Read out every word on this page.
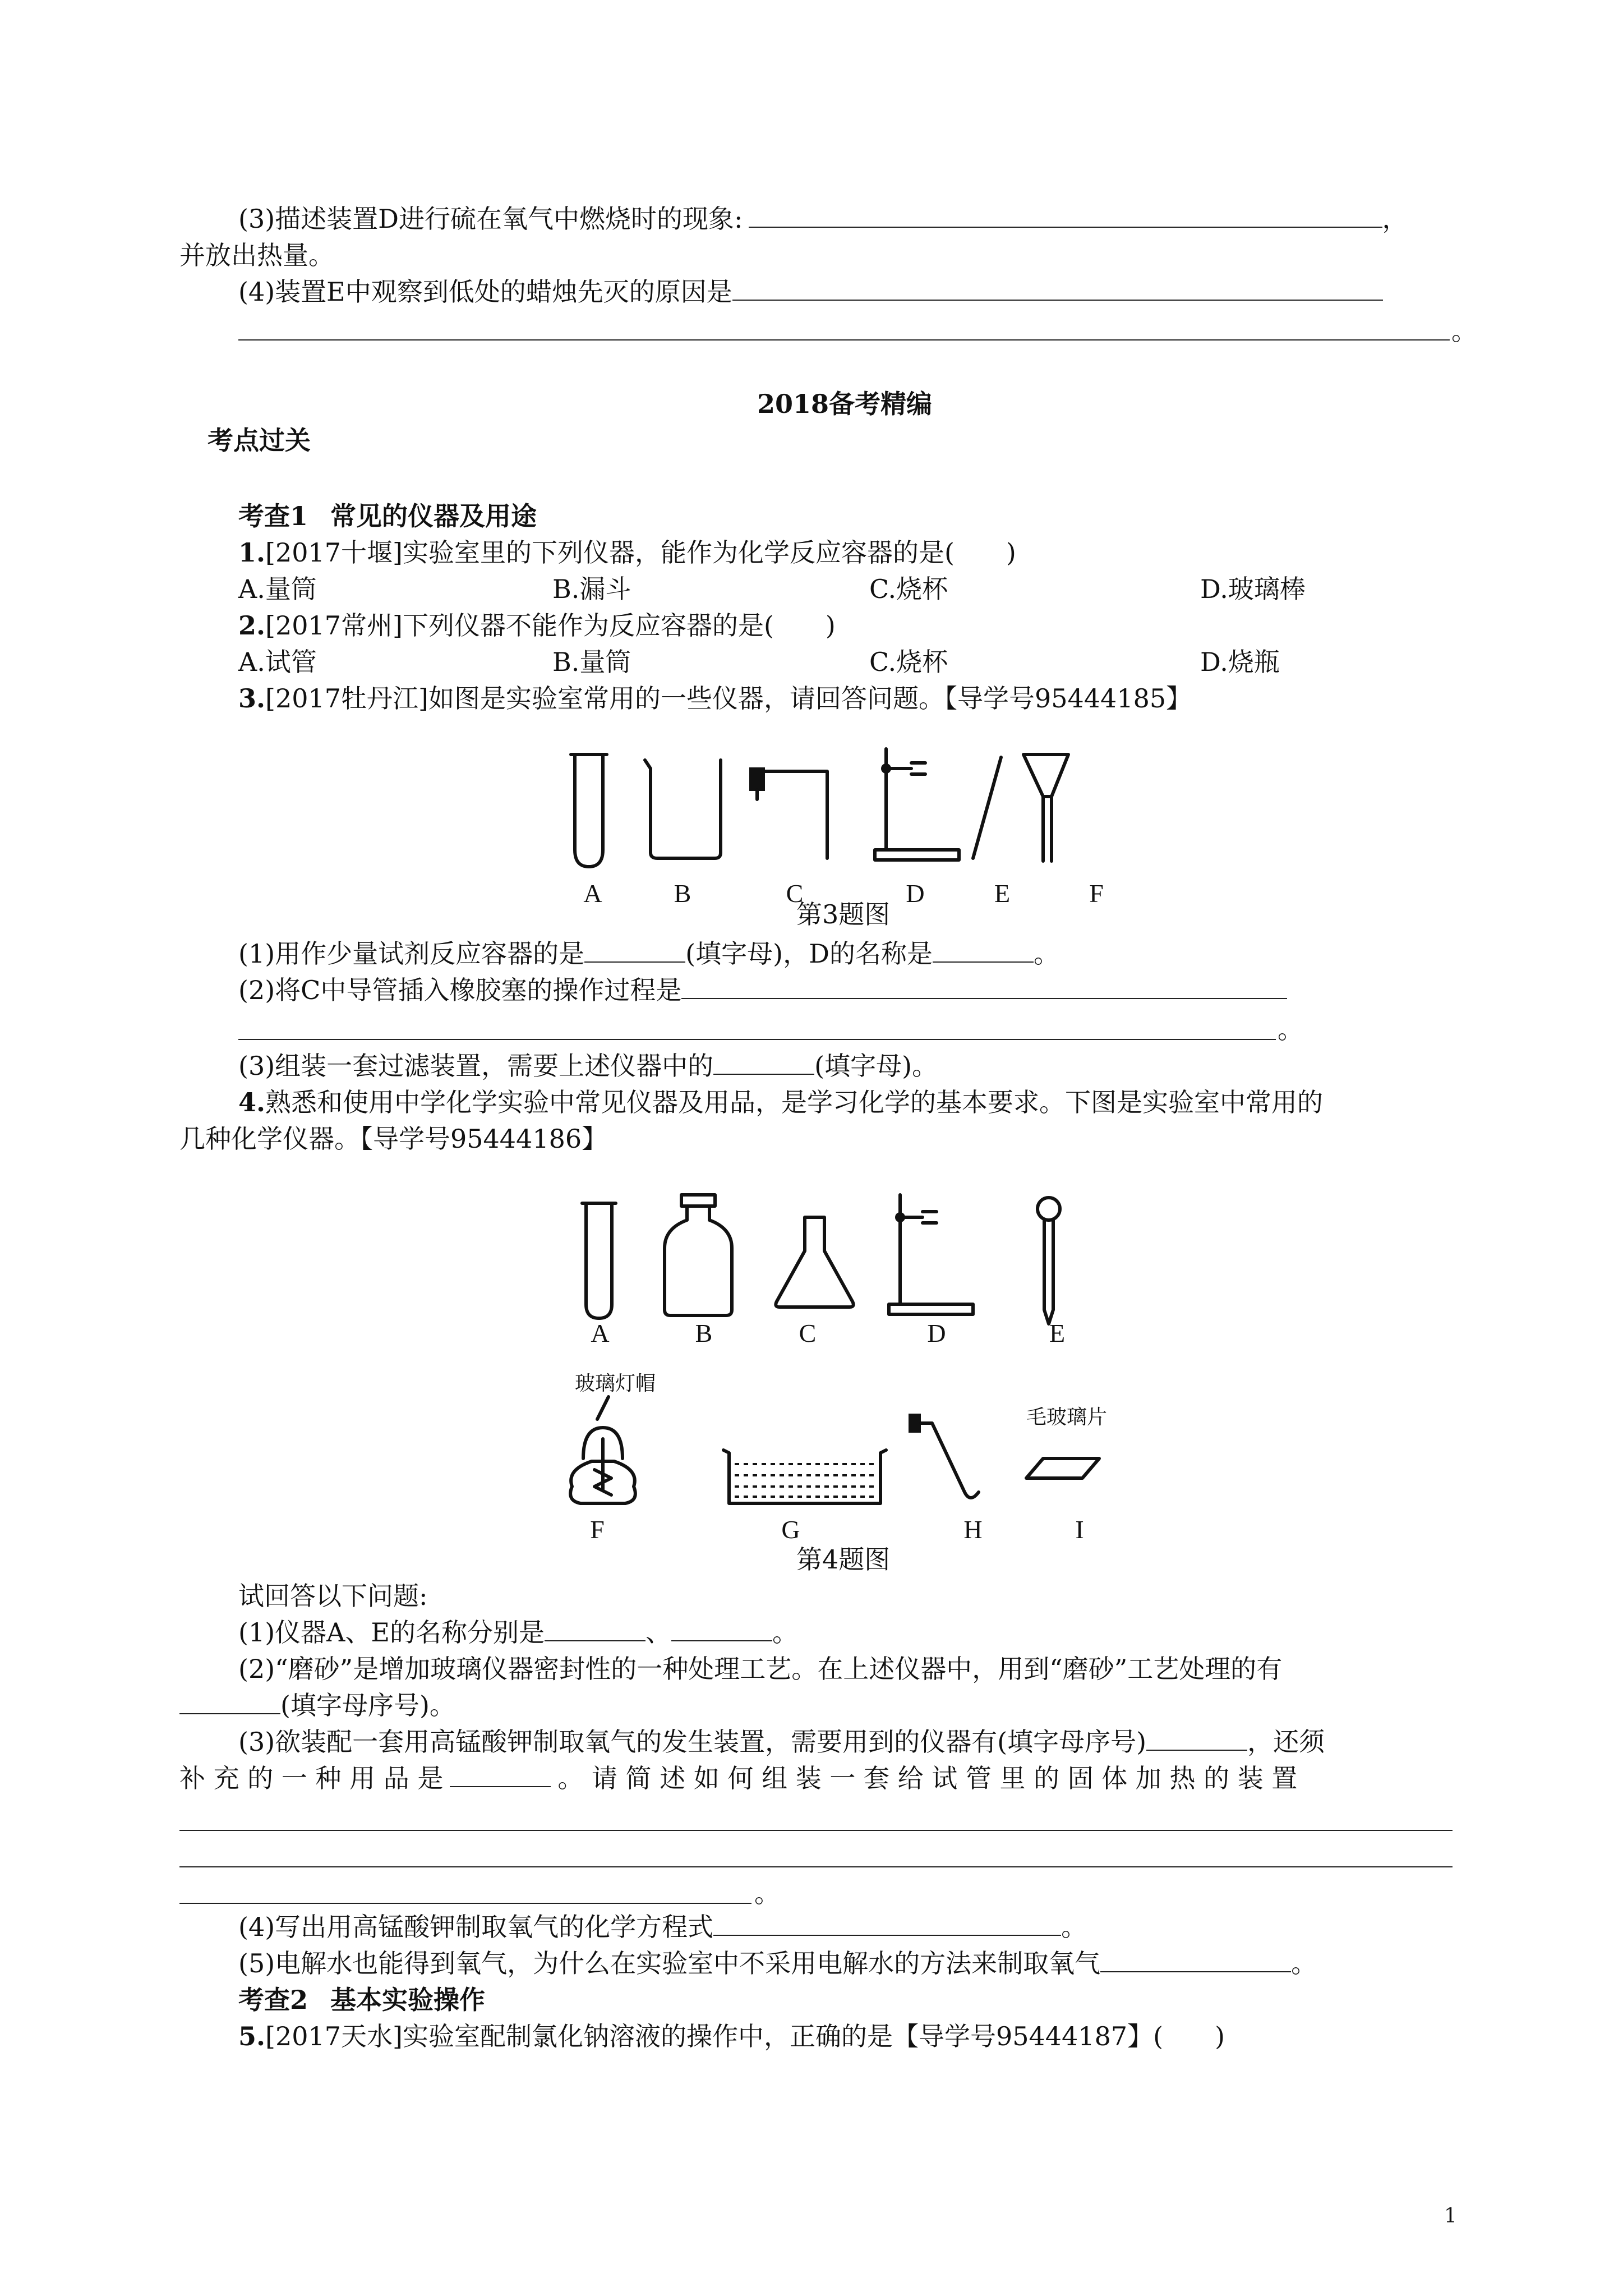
(3)描述装置D进行硫在氧气中燃烧时的现象:	，
并放出热量。
(4)装置E中观察到低处的蜡烛先灭的原因是
。
2018备考精编
考点过关
考查1 常见的仪器及用途
1.[2017十堰]实验室里的下列仪器，能作为化学反应容器的是(　　)
A.量筒	B.漏斗	C.烧杯	D.玻璃棒
2.[2017常州]下列仪器不能作为反应容器的是(　　)
A.试管	B.量筒	C.烧杯	D.烧瓶
3.[2017牡丹江]如图是实验室常用的一些仪器，请回答问题。【导学号95444185】
A	B	C	D	E	F
第3题图
(1)用作少量试剂反应容器的是	(填字母)，D的名称是	。
(2)将C中导管插入橡胶塞的操作过程是
。
(3)组装一套过滤装置，需要上述仪器中的	(填字母)。
4.熟悉和使用中学化学实验中常见仪器及用品，是学习化学的基本要求。下图是实验室中常用的
几种化学仪器。【导学号95444186】
A	B	C	D	E
玻璃灯帽
毛玻璃片
F	G	H	I
第4题图
试回答以下问题:
(1)仪器A、E的名称分别是	、	。
(2)“磨砂”是增加玻璃仪器密封性的一种处理工艺。在上述仪器中，用到“磨砂”工艺处理的有
(填字母序号)。
(3)欲装配一套用高锰酸钾制取氧气的发生装置，需要用到的仪器有(填字母序号)	，还须
补 充 的 一 种 用 品 是	。 请 简 述 如 何 组 装 一 套 给 试 管 里 的 固 体 加 热 的 装 置
。
(4)写出用高锰酸钾制取氧气的化学方程式	。
(5)电解水也能得到氧气，为什么在实验室中不采用电解水的方法来制取氧气	。
考查2 基本实验操作
5.[2017天水]实验室配制氯化钠溶液的操作中，正确的是【导学号95444187】(　　)
1
